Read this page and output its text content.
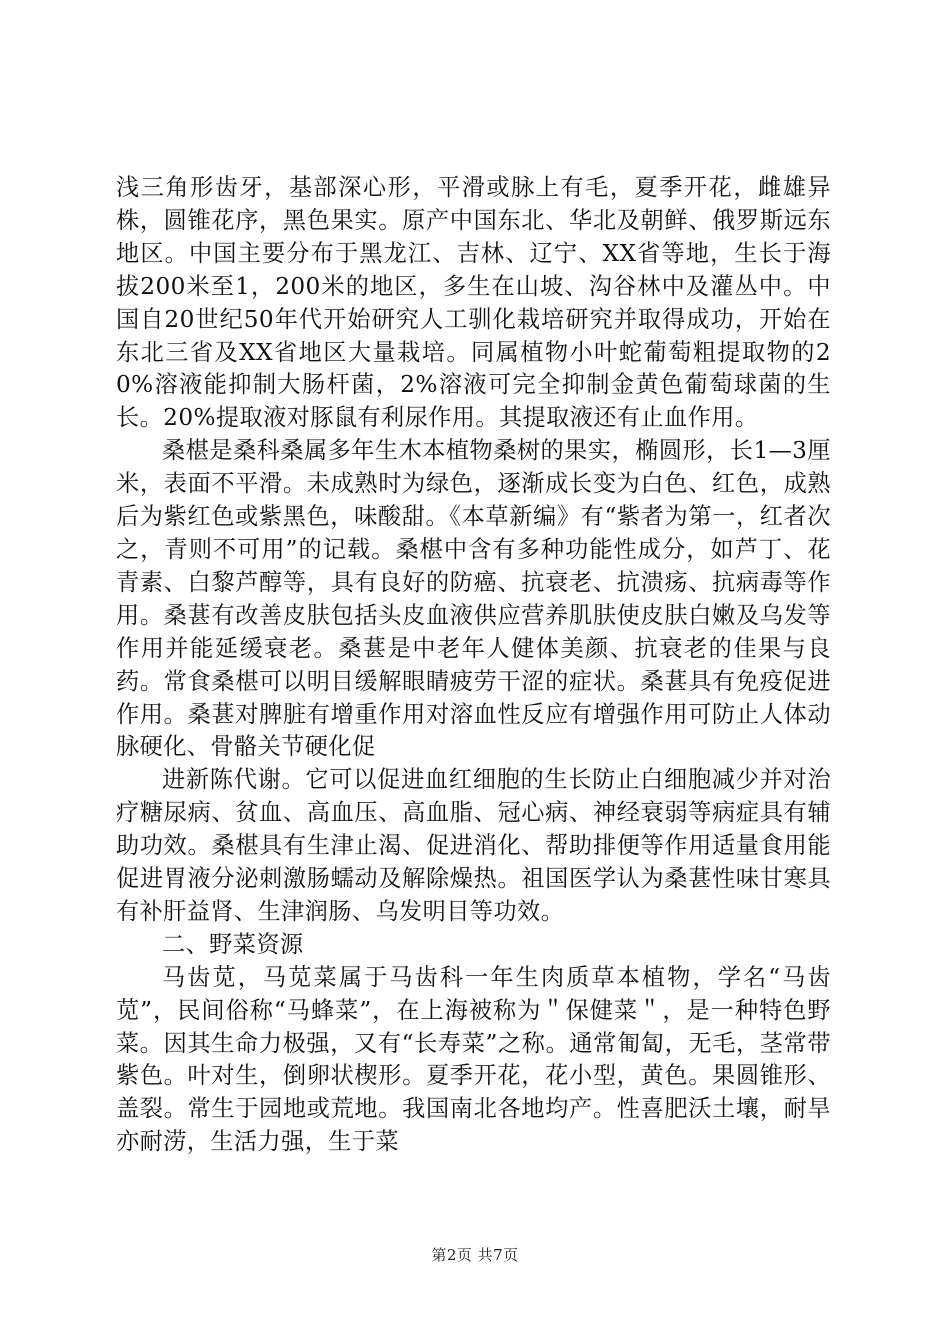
浅三角形齿牙，基部深心形，平滑或脉上有毛，夏季开花，雌雄异株，圆锥花序，黑色果实。原产中国东北、华北及朝鲜、俄罗斯远东地区。中国主要分布于黑龙江、吉林、辽宁、XX省等地，生长于海拔200米至1，200米的地区，多生在山坡、沟谷林中及灌丛中。中国自20世纪50年代开始研究人工驯化栽培研究并取得成功，开始在东北三省及XX省地区大量栽培。同属植物小叶蛇葡萄粗提取物的20%溶液能抑制大肠杆菌，2%溶液可完全抑制金黄色葡萄球菌的生长。20%提取液对豚鼠有利尿作用。其提取液还有止血作用。

桑椹是桑科桑属多年生木本植物桑树的果实，椭圆形，长1—3厘米，表面不平滑。未成熟时为绿色，逐渐成长变为白色、红色，成熟后为紫红色或紫黑色，味酸甜。《本草新编》有“紫者为第一，红者次之，青则不可用”的记载。桑椹中含有多种功能性成分，如芦丁、花青素、白黎芦醇等，具有良好的防癌、抗衰老、抗溃疡、抗病毒等作用。桑葚有改善皮肤包括头皮血液供应营养肌肤使皮肤白嫩及乌发等作用并能延缓衰老。桑葚是中老年人健体美颜、抗衰老的佳果与良药。常食桑椹可以明目缓解眼睛疲劳干涩的症状。桑葚具有免疫促进作用。桑葚对脾脏有增重作用对溶血性反应有增强作用可防止人体动脉硬化、骨骼关节硬化促

进新陈代谢。它可以促进血红细胞的生长防止白细胞减少并对治疗糖尿病、贫血、高血压、高血脂、冠心病、神经衰弱等病症具有辅助功效。桑椹具有生津止渴、促进消化、帮助排便等作用适量食用能促进胃液分泌刺激肠蠕动及解除燥热。祖国医学认为桑葚性味甘寒具有补肝益肾、生津润肠、乌发明目等功效。

二、野菜资源

马齿苋，马苋菜属于马齿科一年生肉质草本植物，学名“马齿苋”，民间俗称“马蜂菜”，在上海被称为＂保健菜＂，是一种特色野菜。因其生命力极强，又有“长寿菜”之称。通常匍匐，无毛，茎常带紫色。叶对生，倒卵状楔形。夏季开花，花小型，黄色。果圆锥形、盖裂。常生于园地或荒地。我国南北各地均产。性喜肥沃土壤，耐旱亦耐涝，生活力强，生于菜

第2页 共7页
